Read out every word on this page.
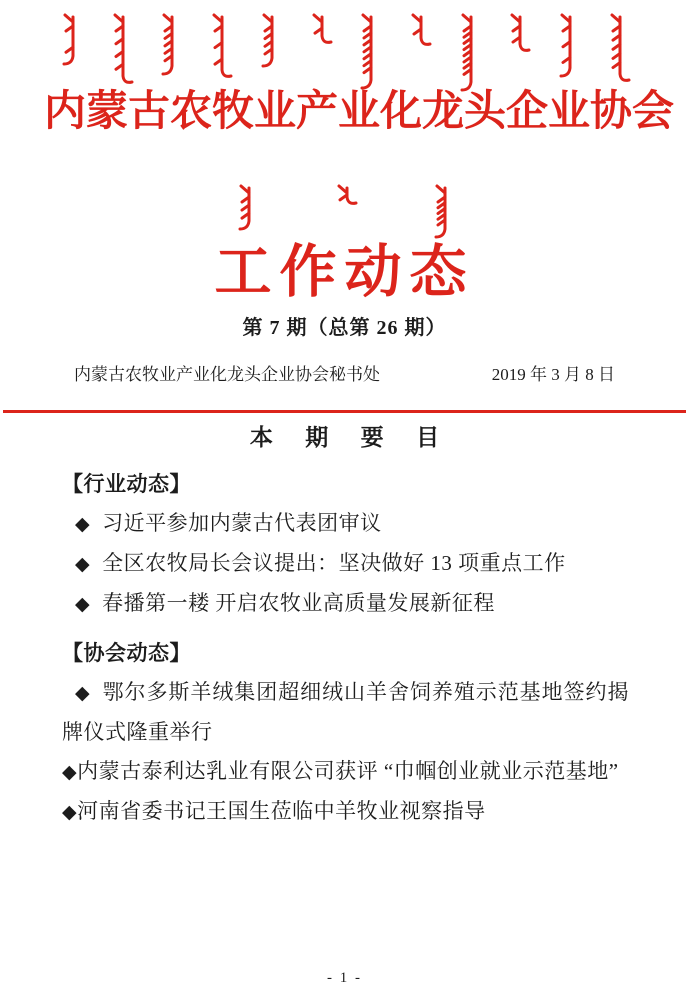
内蒙古农牧业产业化龙头企业协会
工作动态

第 7 期（总第 26 期）

内蒙古农牧业产业化龙头企业协会秘书处	2019 年 3 月 8 日

本 期 要 目

【行业动态】

◆ 习近平参加内蒙古代表团审议

◆ 全区农牧局长会议提出：坚决做好 13 项重点工作

◆ 春播第一耧 开启农牧业高质量发展新征程

【协会动态】

◆ 鄂尔多斯羊绒集团超细绒山羊舍饲养殖示范基地签约揭牌仪式隆重举行

◆内蒙古泰利达乳业有限公司获评 “巾帼创业就业示范基地”

◆河南省委书记王国生莅临中羊牧业视察指导

- 1 -
